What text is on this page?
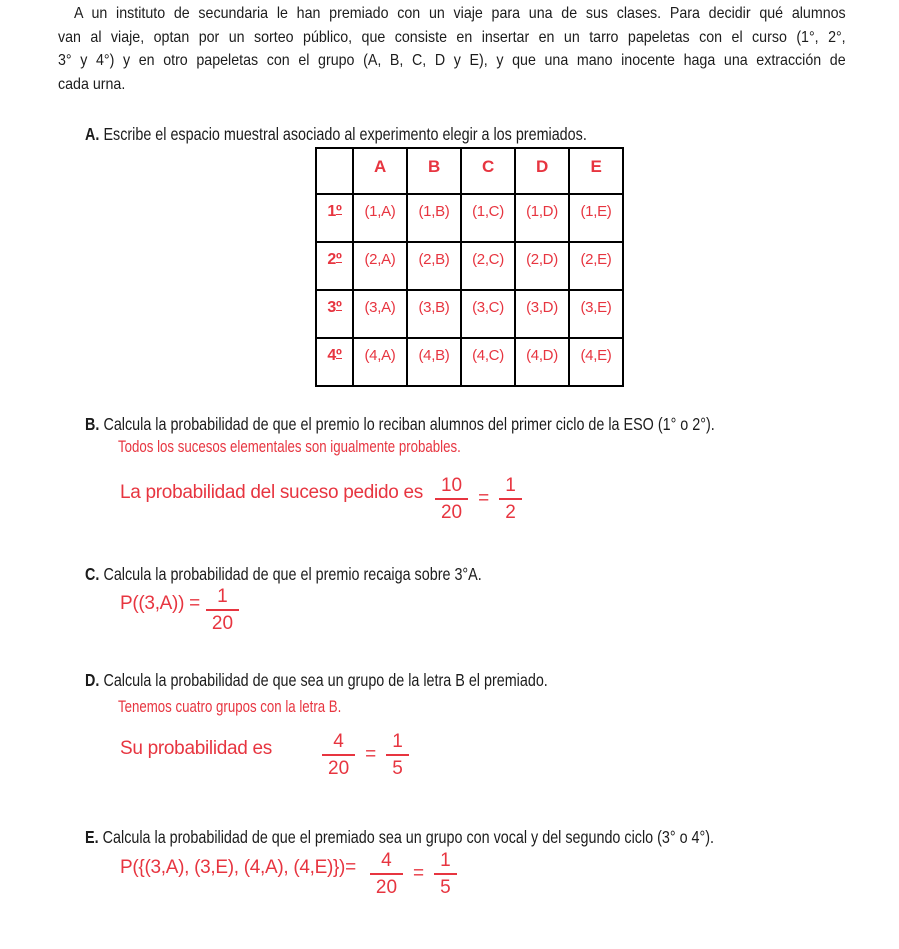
A un instituto de secundaria le han premiado con un viaje para una de sus clases. Para decidir qué alumnos
van al viaje, optan por un sorteo público, que consiste en insertar en un tarro papeletas con el curso (1°, 2°,
3° y 4°) y en otro papeletas con el grupo (A, B, C, D y E), y que una mano inocente haga una extracción de
cada urna.
A. Escribe el espacio muestral asociado al experimento elegir a los premiados.
	A	B	C	D	E
1º	(1,A)	(1,B)	(1,C)	(1,D)	(1,E)
2º	(2,A)	(2,B)	(2,C)	(2,D)	(2,E)
3º	(3,A)	(3,B)	(3,C)	(3,D)	(3,E)
4º	(4,A)	(4,B)	(4,C)	(4,D)	(4,E)
B. Calcula la probabilidad de que el premio lo reciban alumnos del primer ciclo de la ESO (1° o 2°).
Todos los sucesos elementales son igualmente probables.
La probabilidad del suceso pedido es $\frac{10}{20} = \frac{1}{2}$
C. Calcula la probabilidad de que el premio recaiga sobre 3°A.
$P((3,A)) = \frac{1}{20}$
D. Calcula la probabilidad de que sea un grupo de la letra B el premiado.
Tenemos cuatro grupos con la letra B.
Su probabilidad es	$\frac{4}{20} = \frac{1}{5}$
E. Calcula la probabilidad de que el premiado sea un grupo con vocal y del segundo ciclo (3° o 4°).
P({(3,A), (3,E), (4,A), $(4,E)\})= \frac{4}{20} = \frac{1}{5}$
